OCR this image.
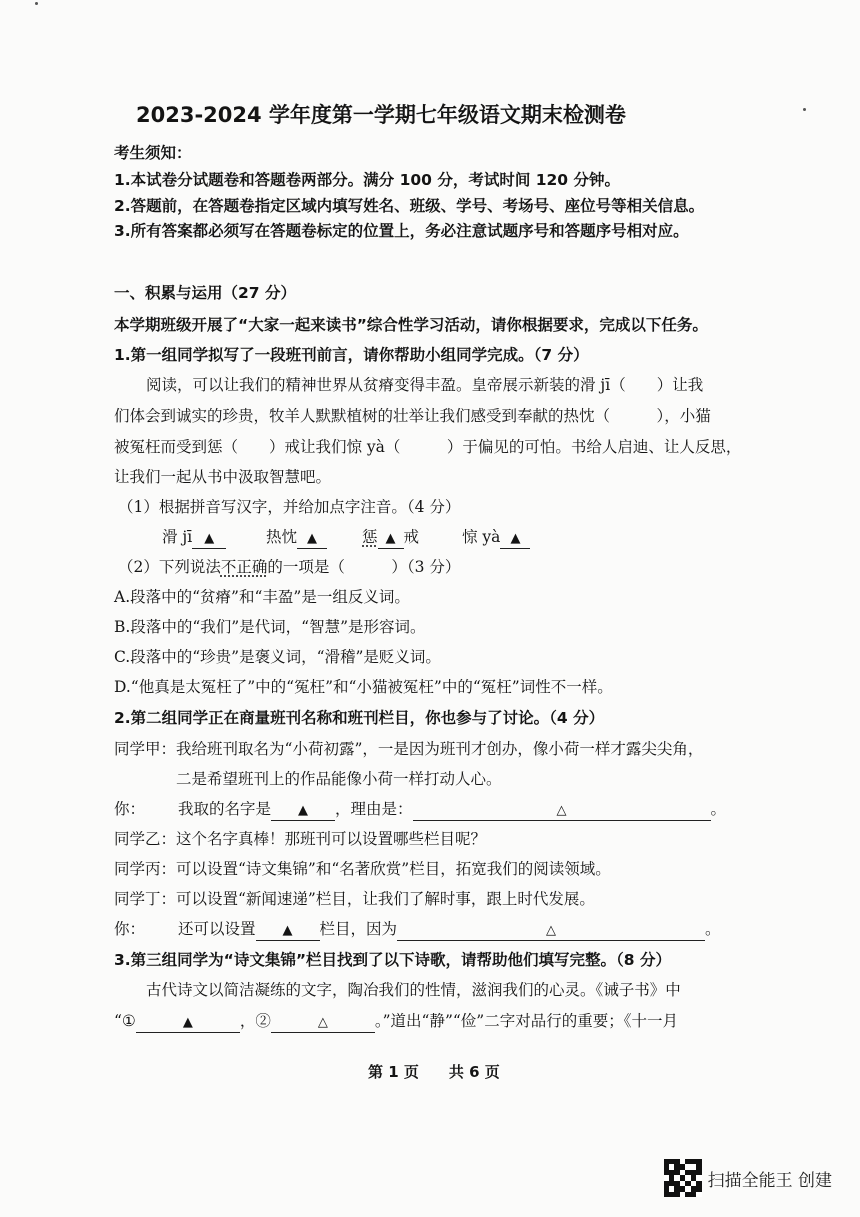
2023-2024 学年度第一学期七年级语文期末检测卷
考生须知：
1.本试卷分试题卷和答题卷两部分。满分 100 分，考试时间 120 分钟。
2.答题前，在答题卷指定区域内填写姓名、班级、学号、考场号、座位号等相关信息。
3.所有答案都必须写在答题卷标定的位置上，务必注意试题序号和答题序号相对应。
一、积累与运用（27 分）
本学期班级开展了“大家一起来读书”综合性学习活动，请你根据要求，完成以下任务。
1.第一组同学拟写了一段班刊前言，请你帮助小组同学完成。（7 分）
阅读，可以让我们的精神世界从贫瘠变得丰盈。皇帝展示新装的滑 jī（　　）让我
们体会到诚实的珍贵，牧羊人默默植树的壮举让我们感受到奉献的热忱（　　　），小猫
被冤枉而受到惩（　　）戒让我们惊 yà（　　　）于偏见的可怕。书给人启迪、让人反思，
让我们一起从书中汲取智慧吧。
（1）根据拼音写汉字，并给加点字注音。（4 分）
滑 jī ▲	热忱 ▲	惩 ▲ 戒	惊 yà ▲
（2）下列说法不正确的一项是（　　　）（3 分）
A.段落中的“贫瘠”和“丰盈”是一组反义词。
B.段落中的“我们”是代词，“智慧”是形容词。
C.段落中的“珍贵”是褒义词，“滑稽”是贬义词。
D.“他真是太冤枉了”中的“冤枉”和“小猫被冤枉”中的“冤枉”词性不一样。
2.第二组同学正在商量班刊名称和班刊栏目，你也参与了讨论。（4 分）
同学甲：我给班刊取名为“小荷初露”，一是因为班刊才创办，像小荷一样才露尖尖角，
二是希望班刊上的作品能像小荷一样打动人心。
你： 我取的名字是 ▲ ，理由是：	△	。
同学乙：这个名字真棒！那班刊可以设置哪些栏目呢？
同学丙：可以设置“诗文集锦”和“名著欣赏”栏目，拓宽我们的阅读领域。
同学丁：可以设置“新闻速递”栏目，让我们了解时事，跟上时代发展。
你： 还可以设置 ▲ 栏目，因为	△	。
3.第三组同学为“诗文集锦”栏目找到了以下诗歌，请帮助他们填写完整。（8 分）
古代诗文以简洁凝练的文字，陶冶我们的性情，滋润我们的心灵。《诫子书》中
“①	▲	，②	△	。”道出“静”“俭”二字对品行的重要；《十一月
第 1 页　　共 6 页
扫描全能王 创建
